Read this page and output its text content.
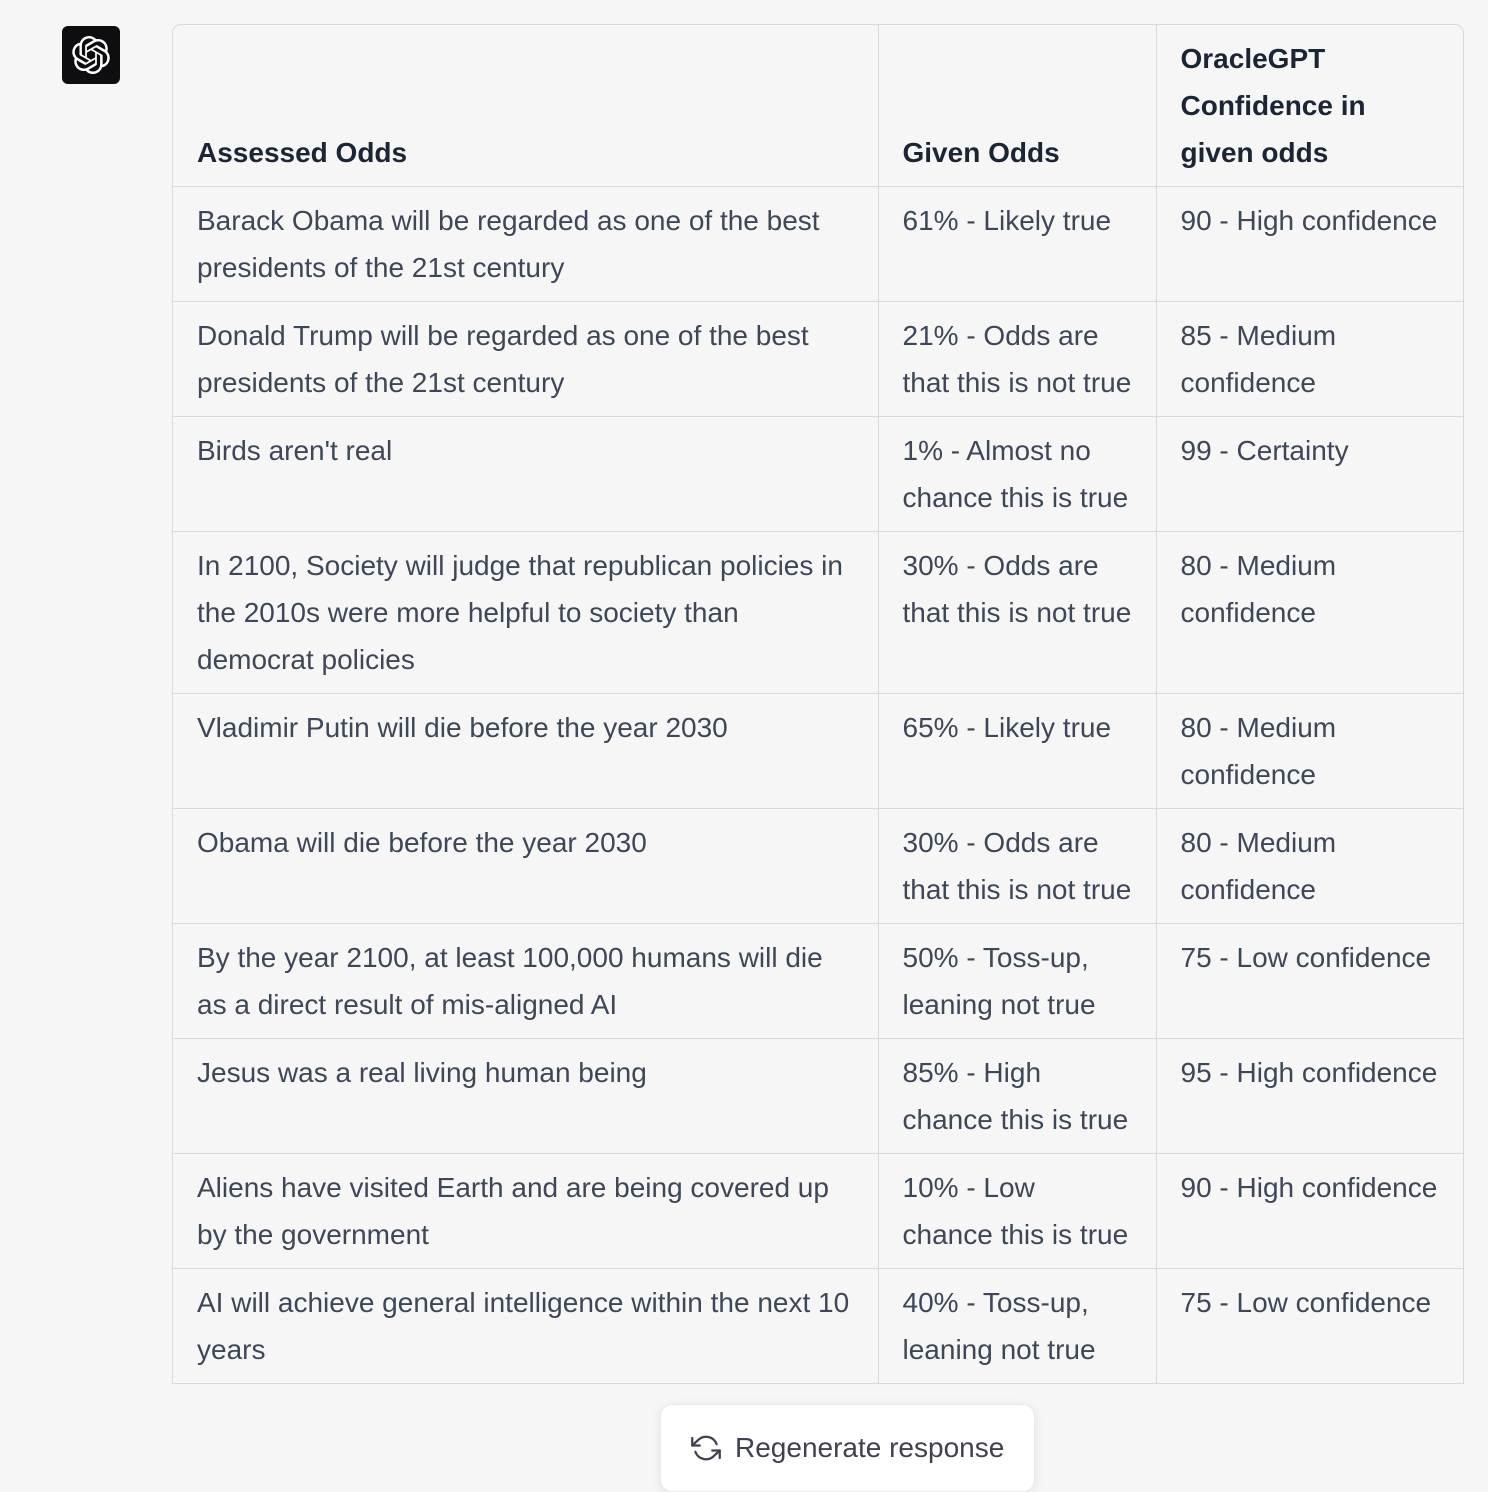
Assessed Odds	Given Odds	OracleGPT Confidence in given odds
Barack Obama will be regarded as one of the best presidents of the 21st century	61% - Likely true	90 - High confidence
Donald Trump will be regarded as one of the best presidents of the 21st century	21% - Odds are that this is not true	85 - Medium confidence
Birds aren't real	1% - Almost no chance this is true	99 - Certainty
In 2100, Society will judge that republican policies in the 2010s were more helpful to society than democrat policies	30% - Odds are that this is not true	80 - Medium confidence
Vladimir Putin will die before the year 2030	65% - Likely true	80 - Medium confidence
Obama will die before the year 2030	30% - Odds are that this is not true	80 - Medium confidence
By the year 2100, at least 100,000 humans will die as a direct result of mis-aligned AI	50% - Toss-up, leaning not true	75 - Low confidence
Jesus was a real living human being	85% - High chance this is true	95 - High confidence
Aliens have visited Earth and are being covered up by the government	10% - Low chance this is true	90 - High confidence
AI will achieve general intelligence within the next 10 years	40% - Toss-up, leaning not true	75 - Low confidence
Regenerate response
